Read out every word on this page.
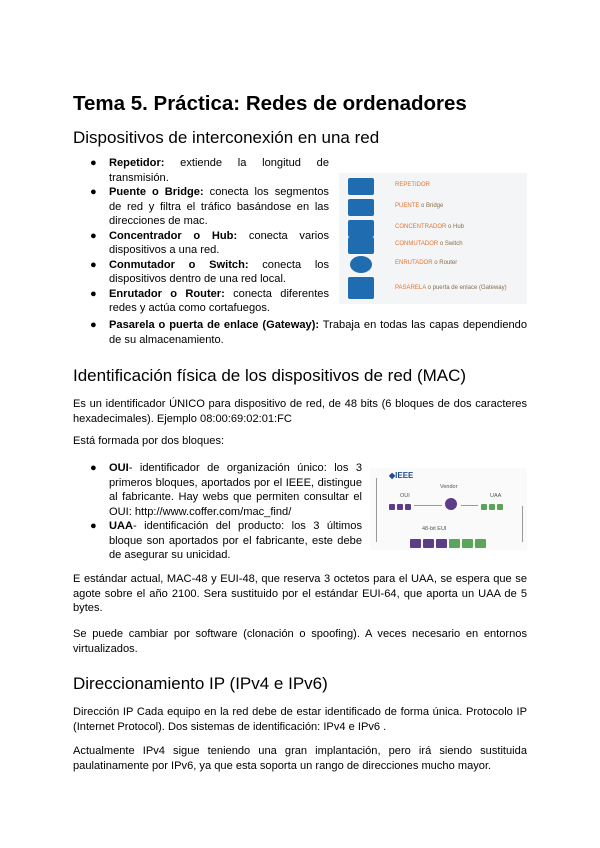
Tema 5. Práctica: Redes de ordenadores
Dispositivos de interconexión en una red
● Repetidor: extiende la longitud de transmisión.
● Puente o Bridge: conecta los segmentos de red y filtra el tráfico basándose en las direcciones de mac.
● Concentrador o Hub: conecta varios dispositivos a una red.
● Conmutador o Switch: conecta los dispositivos dentro de una red local.
● Enrutador o Router: conecta diferentes redes y actúa como cortafuegos.
● Pasarela o puerta de enlace (Gateway): Trabaja en todas las capas dependiendo de su almacenamiento.
REPETIDOR
PUENTE o Bridge
CONCENTRADOR o Hub
CONMUTADOR o Switch
ENRUTADOR o Router
PASARELA o puerta de enlace (Gateway)
Identificación física de los dispositivos de red (MAC)

Es un identificador ÚNICO para dispositivo de red, de 48 bits (6 bloques de dos caracteres hexadecimales). Ejemplo 08:00:69:02:01:FC

Está formada por dos bloques:

● OUI- identificador de organización único: los 3 primeros bloques, aportados por el IEEE, distingue al fabricante. Hay webs que permiten consultar el OUI: http://www.coffer.com/mac_find/
● UAA- identificación del producto: los 3 últimos bloque son aportados por el fabricante, este debe de asegurar su unicidad.
◆IEEE
Vendor
OUI	UAA
48-bit EUI

E estándar actual, MAC-48 y EUI-48, que reserva 3 octetos para el UAA, se espera que se agote sobre el año 2100. Sera sustituido por el estándar EUI-64, que aporta un UAA de 5 bytes.

Se puede cambiar por software (clonación o spoofing). A veces necesario en entornos virtualizados.

Direccionamiento IP (IPv4 e IPv6)

Dirección IP Cada equipo en la red debe de estar identificado de forma única. Protocolo IP (Internet Protocol). Dos sistemas de identificación: IPv4 e IPv6 .

Actualmente IPv4 sigue teniendo una gran implantación, pero irá siendo sustituida paulatinamente por IPv6, ya que esta soporta un rango de direcciones mucho mayor.
